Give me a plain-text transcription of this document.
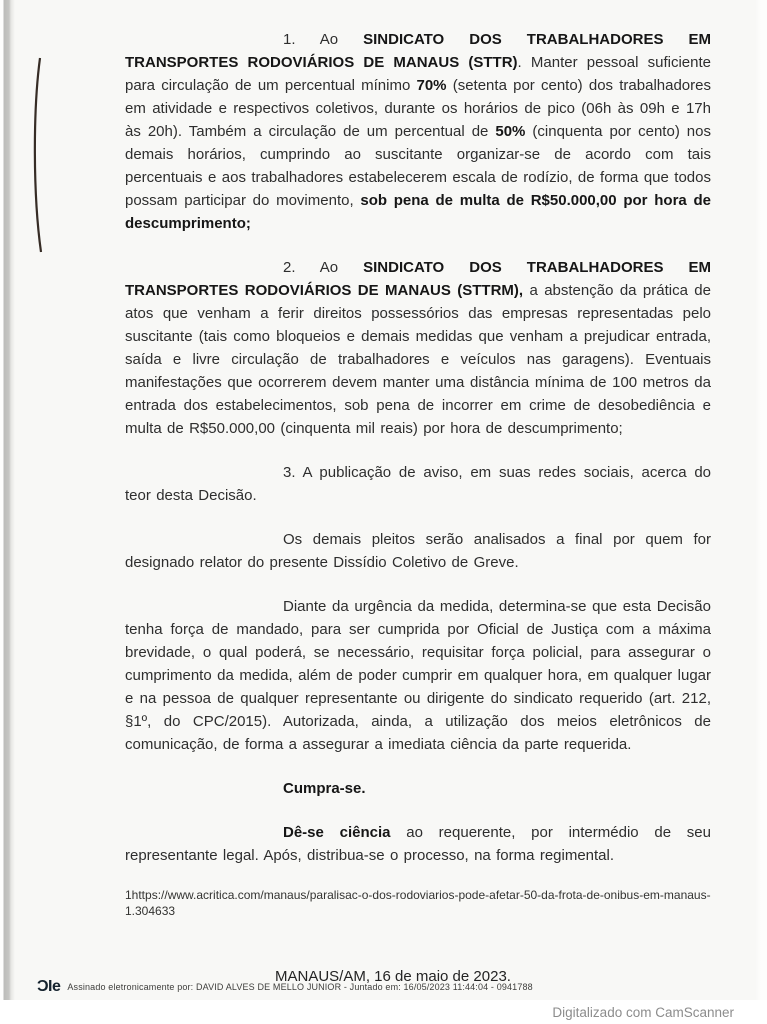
1. Ao SINDICATO DOS TRABALHADORES EM TRANSPORTES RODOVIÁRIOS DE MANAUS (STTR). Manter pessoal suficiente para circulação de um percentual mínimo 70% (setenta por cento) dos trabalhadores em atividade e respectivos coletivos, durante os horários de pico (06h às 09h e 17h às 20h). Também a circulação de um percentual de 50% (cinquenta por cento) nos demais horários, cumprindo ao suscitante organizar-se de acordo com tais percentuais e aos trabalhadores estabelecerem escala de rodízio, de forma que todos possam participar do movimento, sob pena de multa de R$50.000,00 por hora de descumprimento;

2. Ao SINDICATO DOS TRABALHADORES EM TRANSPORTES RODOVIÁRIOS DE MANAUS (STTRM), a abstenção da prática de atos que venham a ferir direitos possessórios das empresas representadas pelo suscitante (tais como bloqueios e demais medidas que venham a prejudicar entrada, saída e livre circulação de trabalhadores e veículos nas garagens). Eventuais manifestações que ocorrerem devem manter uma distância mínima de 100 metros da entrada dos estabelecimentos, sob pena de incorrer em crime de desobediência e multa de R$50.000,00 (cinquenta mil reais) por hora de descumprimento;

3. A publicação de aviso, em suas redes sociais, acerca do teor desta Decisão.

Os demais pleitos serão analisados a final por quem for designado relator do presente Dissídio Coletivo de Greve.

Diante da urgência da medida, determina-se que esta Decisão tenha força de mandado, para ser cumprida por Oficial de Justiça com a máxima brevidade, o qual poderá, se necessário, requisitar força policial, para assegurar o cumprimento da medida, além de poder cumprir em qualquer hora, em qualquer lugar e na pessoa de qualquer representante ou dirigente do sindicato requerido (art. 212, §1º, do CPC/2015). Autorizada, ainda, a utilização dos meios eletrônicos de comunicação, de forma a assegurar a imediata ciência da parte requerida.

Cumpra-se.

Dê-se ciência ao requerente, por intermédio de seu representante legal. Após, distribua-se o processo, na forma regimental.

1https://www.acritica.com/manaus/paralisac-o-dos-rodoviarios-pode-afetar-50-da-frota-de-onibus-em-manaus-1.304633
MANAUS/AM, 16 de maio de 2023.
ƆIe Assinado eletronicamente por: DAVID ALVES DE MELLO JUNIOR - Juntado em: 16/05/2023 11:44:04 - 0941788
Digitalizado com CamScanner
